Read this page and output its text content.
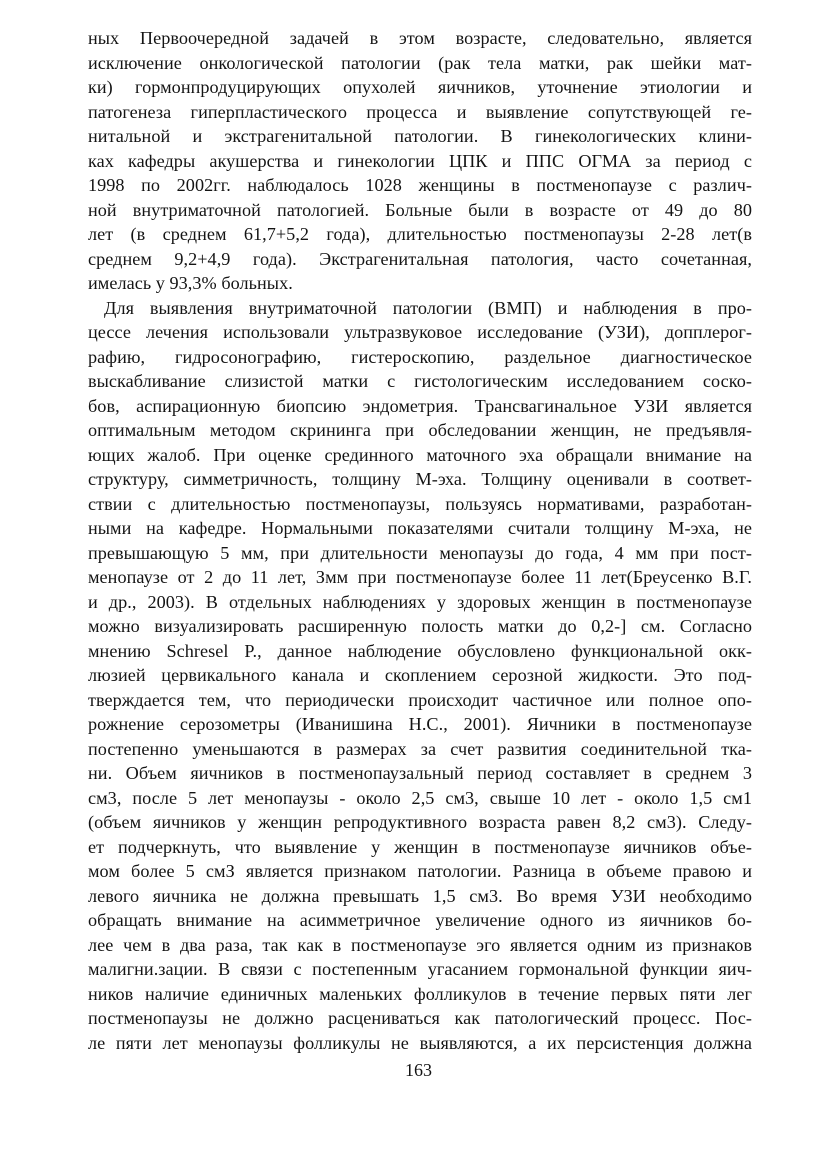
ных Первоочередной задачей в этом возрасте, следовательно, является
исключение онкологической патологии (рак тела матки, рак шейки мат-
ки) гормонпродуцирующих опухолей яичников, уточнение этиологии и
патогенеза гиперпластического процесса и выявление сопутствующей ге-
нитальной и экстрагенитальной патологии. В гинекологических клини-
ках кафедры акушерства и гинекологии ЦПК и ППС ОГМА за период с
1998 по 2002гг. наблюдалось 1028 женщины в постменопаузе с различ-
ной внутриматочной патологией. Больные были в возрасте от 49 до 80
лет (в среднем 61,7+5,2 года), длительностью постменопаузы 2-28 лет(в
среднем 9,2+4,9 года). Экстрагенитальная патология, часто сочетанная,
имелась у 93,3% больных.
Для выявления внутриматочной патологии (ВМП) и наблюдения в про-
цессе лечения использовали ультразвуковое исследование (УЗИ), допплерог-
рафию, гидросонографию, гистероскопию, раздельное диагностическое
выскабливание слизистой матки с гистологическим исследованием соско-
бов, аспирационную биопсию эндометрия. Трансвагинальное УЗИ является
оптимальным методом скрининга при обследовании женщин, не предъявля-
ющих жалоб. При оценке срединного маточного эха обращали внимание на
структуру, симметричность, толщину М-эха. Толщину оценивали в соответ-
ствии с длительностью постменопаузы, пользуясь нормативами, разработан-
ными на кафедре. Нормальными показателями считали толщину М-эха, не
превышающую 5 мм, при длительности менопаузы до года, 4 мм при пост-
менопаузе от 2 до 11 лет, Змм при постменопаузе более 11 лет(Бреусенко В.Г.
и др., 2003). В отдельных наблюдениях у здоровых женщин в постменопаузе
можно визуализировать расширенную полость матки до 0,2-] см. Согласно
мнению Schresel P., данное наблюдение обусловлено функциональной окк-
люзией цервикального канала и скоплением серозной жидкости. Это под-
тверждается тем, что периодически происходит частичное или полное опо-
рожнение серозометры (Иванишина Н.С., 2001). Яичники в постменопаузе
постепенно уменьшаются в размерах за счет развития соединительной тка-
ни. Объем яичников в постменопаузальный период составляет в среднем 3
см3, после 5 лет менопаузы - около 2,5 см3, свыше 10 лет - около 1,5 см1
(объем яичников у женщин репродуктивного возраста равен 8,2 см3). Следу-
ет подчеркнуть, что выявление у женщин в постменопаузе яичников объе-
мом более 5 смЗ является признаком патологии. Разница в объеме правою и
левого яичника не должна превышать 1,5 см3. Во время УЗИ необходимо
обращать внимание на асимметричное увеличение одного из яичников бо-
лее чем в два раза, так как в постменопаузе эго является одним из признаков
малигни.зации. В связи с постепенным угасанием гормональной функции яич-
ников наличие единичных маленьких фолликулов в течение первых пяти лег
постменопаузы не должно расцениваться как патологический процесс. Пос-
ле пяти лет менопаузы фолликулы не выявляются, а их персистенция должна
163
